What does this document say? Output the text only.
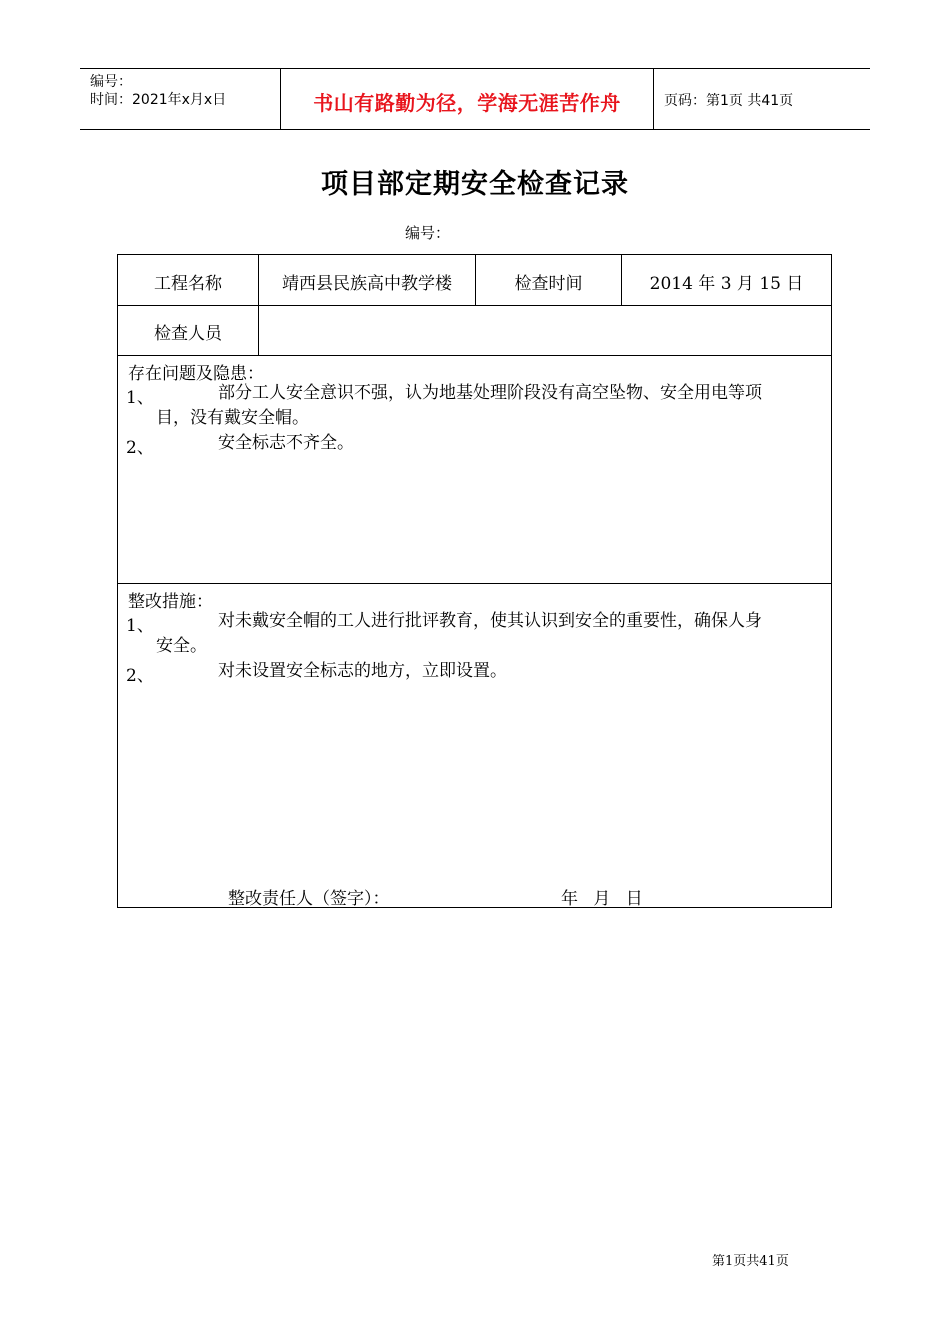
编号：
时间：2021年x月x日	书山有路勤为径，学海无涯苦作舟	页码：第1页 共41页
项目部定期安全检查记录
编号：
工程名称	靖西县民族高中教学楼	检查时间	2014 年 3 月 15 日
检查人员
存在问题及隐患：
1、	部分工人安全意识不强，认为地基处理阶段没有高空坠物、安全用电等项
目，没有戴安全帽。
2、	安全标志不齐全。
整改措施：
1、	对未戴安全帽的工人进行批评教育，使其认识到安全的重要性，确保人身
安全。
2、	对未设置安全标志的地方，立即设置。
整改责任人（签字）：	年 月 日
第1页共41页
